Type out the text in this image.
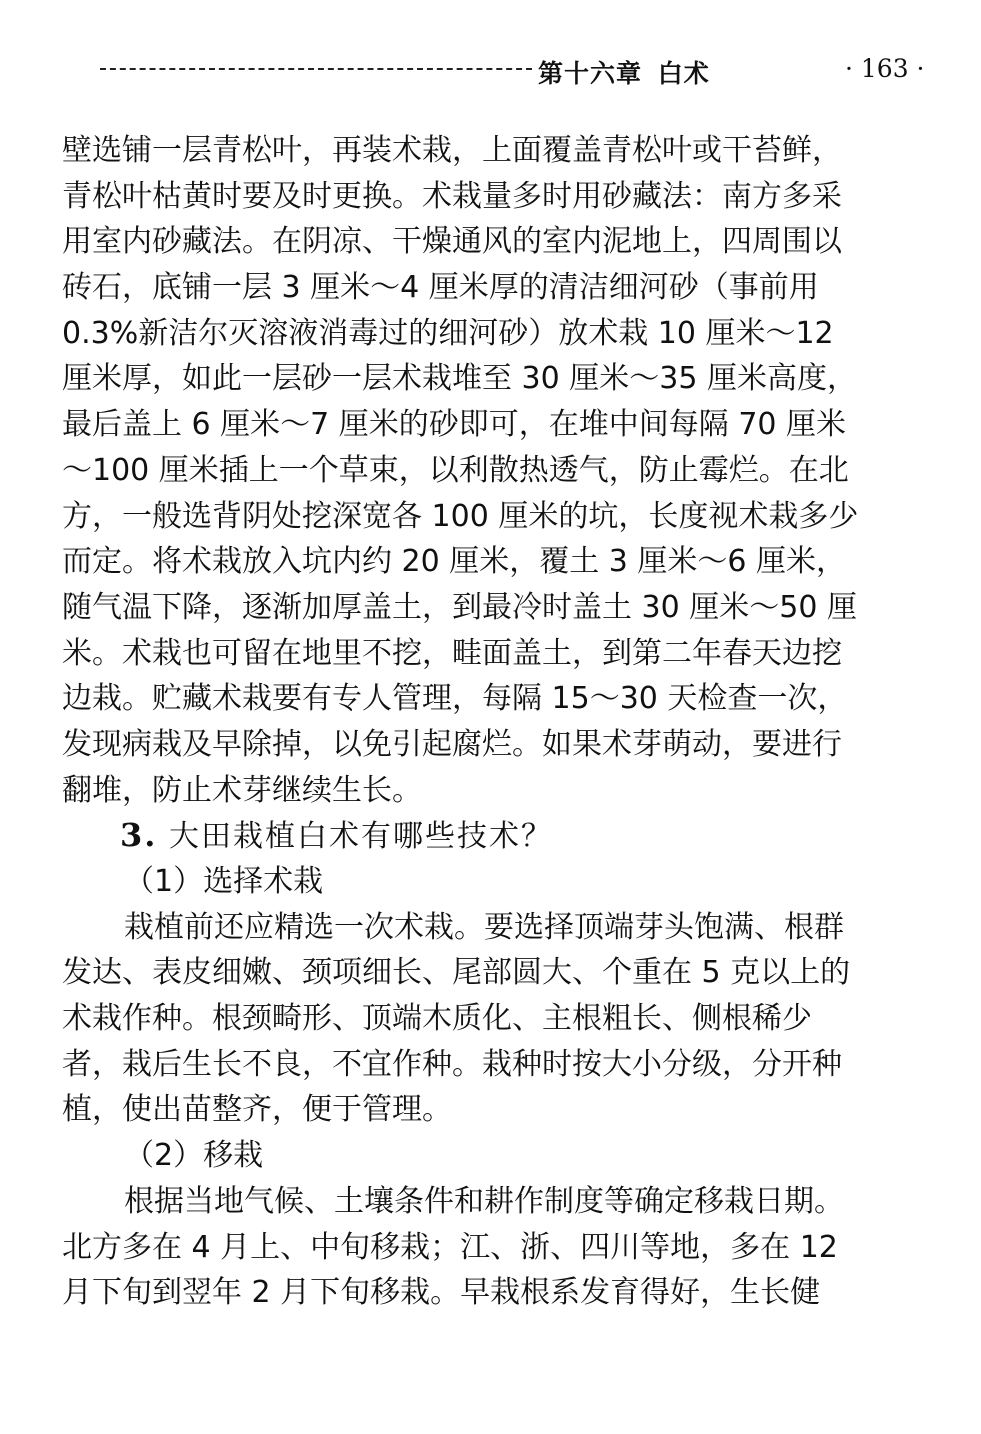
第十六章 白术	· 163 ·
壁选铺一层青松叶，再装术栽，上面覆盖青松叶或干苔鲜，
青松叶枯黄时要及时更换。术栽量多时用砂藏法：南方多采
用室内砂藏法。在阴凉、干燥通风的室内泥地上，四周围以
砖石，底铺一层 3 厘米～4 厘米厚的清洁细河砂（事前用
0.3%新洁尔灭溶液消毒过的细河砂）放术栽 10 厘米～12
厘米厚，如此一层砂一层术栽堆至 30 厘米～35 厘米高度，
最后盖上 6 厘米～7 厘米的砂即可，在堆中间每隔 70 厘米
～100 厘米插上一个草束，以利散热透气，防止霉烂。在北
方，一般选背阴处挖深宽各 100 厘米的坑，长度视术栽多少
而定。将术栽放入坑内约 20 厘米，覆土 3 厘米～6 厘米，
随气温下降，逐渐加厚盖土，到最冷时盖土 30 厘米～50 厘
米。术栽也可留在地里不挖，畦面盖土，到第二年春天边挖
边栽。贮藏术栽要有专人管理，每隔 15～30 天检查一次，
发现病栽及早除掉，以免引起腐烂。如果术芽萌动，要进行
翻堆，防止术芽继续生长。
3. 大田栽植白术有哪些技术？
（1）选择术栽
栽植前还应精选一次术栽。要选择顶端芽头饱满、根群
发达、表皮细嫩、颈项细长、尾部圆大、个重在 5 克以上的
术栽作种。根颈畸形、顶端木质化、主根粗长、侧根稀少
者，栽后生长不良，不宜作种。栽种时按大小分级，分开种
植，使出苗整齐，便于管理。
（2）移栽
根据当地气候、土壤条件和耕作制度等确定移栽日期。
北方多在 4 月上、中旬移栽；江、浙、四川等地，多在 12
月下旬到翌年 2 月下旬移栽。早栽根系发育得好，生长健
